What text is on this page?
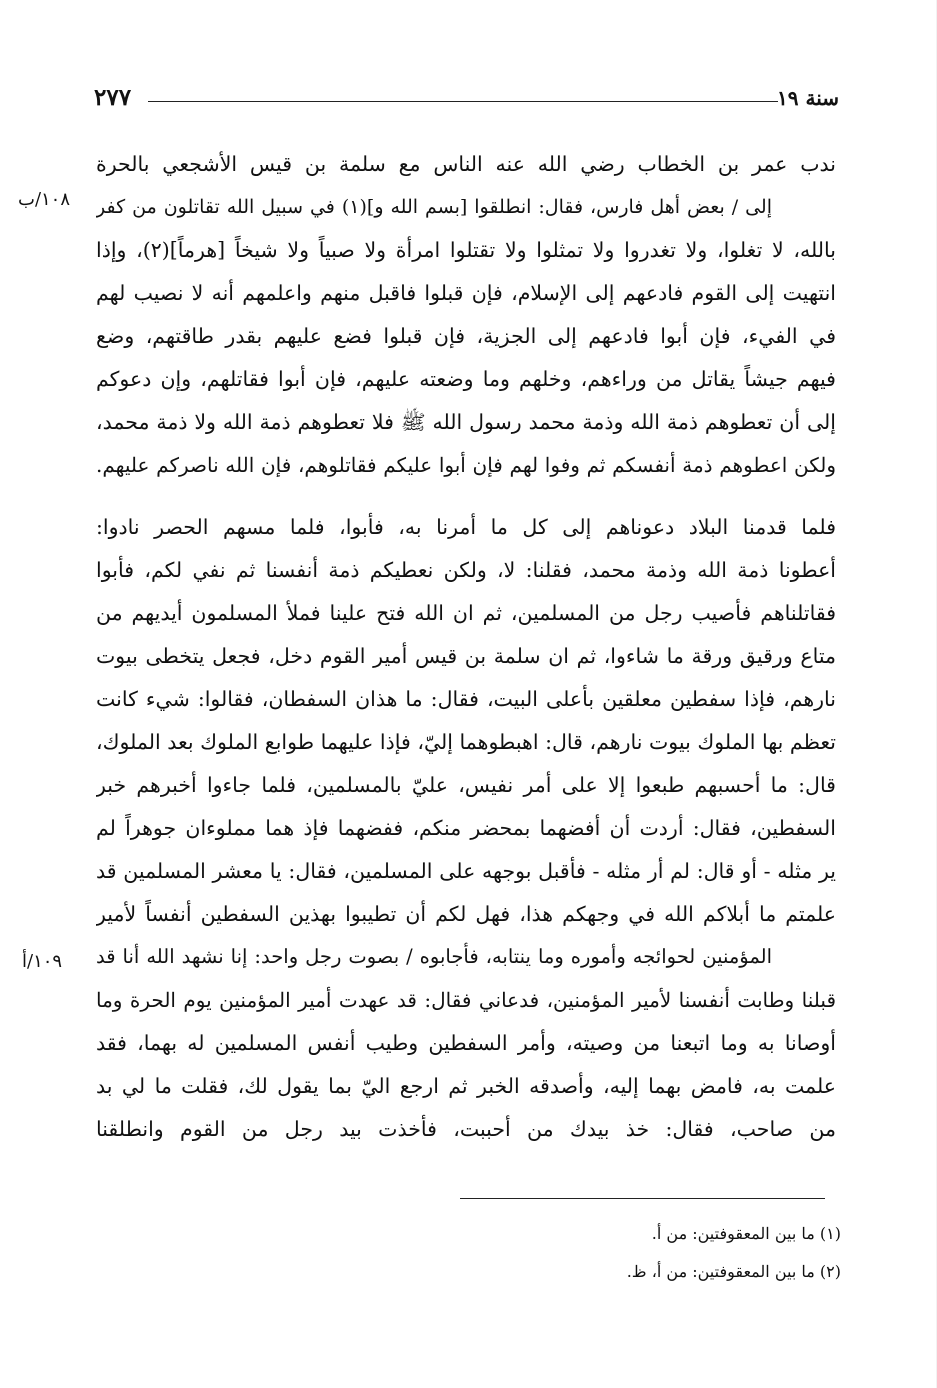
سنة ١٩
٢٧٧
١٠٨/ب
١٠٩/أ
ندب عمر بن الخطاب رضي الله عنه الناس مع سلمة بن قيس الأشجعي بالحرة
إلى / بعض أهل فارس، فقال: انطلقوا [بسم الله و](١) في سبيل الله تقاتلون من كفر
بالله، لا تغلوا، ولا تغدروا ولا تمثلوا ولا تقتلوا امرأة ولا صبياً ولا شيخاً [هرماً](٢)، وإذا
انتهيت إلى القوم فادعهم إلى الإسلام، فإن قبلوا فاقبل منهم واعلمهم أنه لا نصيب لهم
في الفيء، فإن أبوا فادعهم إلى الجزية، فإن قبلوا فضع عليهم بقدر طاقتهم، وضع
فيهم جيشاً يقاتل من وراءهم، وخلهم وما وضعته عليهم، فإن أبوا فقاتلهم، وإن دعوكم
إلى أن تعطوهم ذمة الله وذمة محمد رسول الله ﷺ فلا تعطوهم ذمة الله ولا ذمة محمد،
ولكن اعطوهم ذمة أنفسكم ثم وفوا لهم فإن أبوا عليكم فقاتلوهم، فإن الله ناصركم عليهم.
فلما قدمنا البلاد دعوناهم إلى كل ما أمرنا به، فأبوا، فلما مسهم الحصر نادوا:
أعطونا ذمة الله وذمة محمد، فقلنا: لا، ولكن نعطيكم ذمة أنفسنا ثم نفي لكم، فأبوا
فقاتلناهم فأصيب رجل من المسلمين، ثم ان الله فتح علينا فملأ المسلمون أيديهم من
متاع ورقيق ورقة ما شاءوا، ثم ان سلمة بن قيس أمير القوم دخل، فجعل يتخطى بيوت
نارهم، فإذا سفطين معلقين بأعلى البيت، فقال: ما هذان السفطان، فقالوا: شيء كانت
تعظم بها الملوك بيوت نارهم، قال: اهبطوهما إليّ، فإذا عليهما طوابع الملوك بعد الملوك،
قال: ما أحسبهم طبعوا إلا على أمر نفيس، عليّ بالمسلمين، فلما جاءوا أخبرهم خبر
السفطين، فقال: أردت أن أفضهما بمحضر منكم، ففضهما فإذ هما مملوءان جوهراً لم
ير مثله - أو قال: لم أر مثله - فأقبل بوجهه على المسلمين، فقال: يا معشر المسلمين قد
علمتم ما أبلاكم الله في وجهكم هذا، فهل لكم أن تطيبوا بهذين السفطين أنفساً لأمير
المؤمنين لحوائجه وأموره وما ينتابه، فأجابوه / بصوت رجل واحد: إنا نشهد الله أنا قد
قبلنا وطابت أنفسنا لأمير المؤمنين، فدعاني فقال: قد عهدت أمير المؤمنين يوم الحرة وما
أوصانا به وما اتبعنا من وصيته، وأمر السفطين وطيب أنفس المسلمين له بهما، فقد
علمت به، فامض بهما إليه، وأصدقه الخبر ثم ارجع اليّ بما يقول لك، فقلت ما لي بد
من صاحب، فقال: خذ بيدك من أحببت، فأخذت بيد رجل من القوم وانطلقنا
(١) ما بين المعقوفتين: من أ.
(٢) ما بين المعقوفتين: من أ، ظ.
